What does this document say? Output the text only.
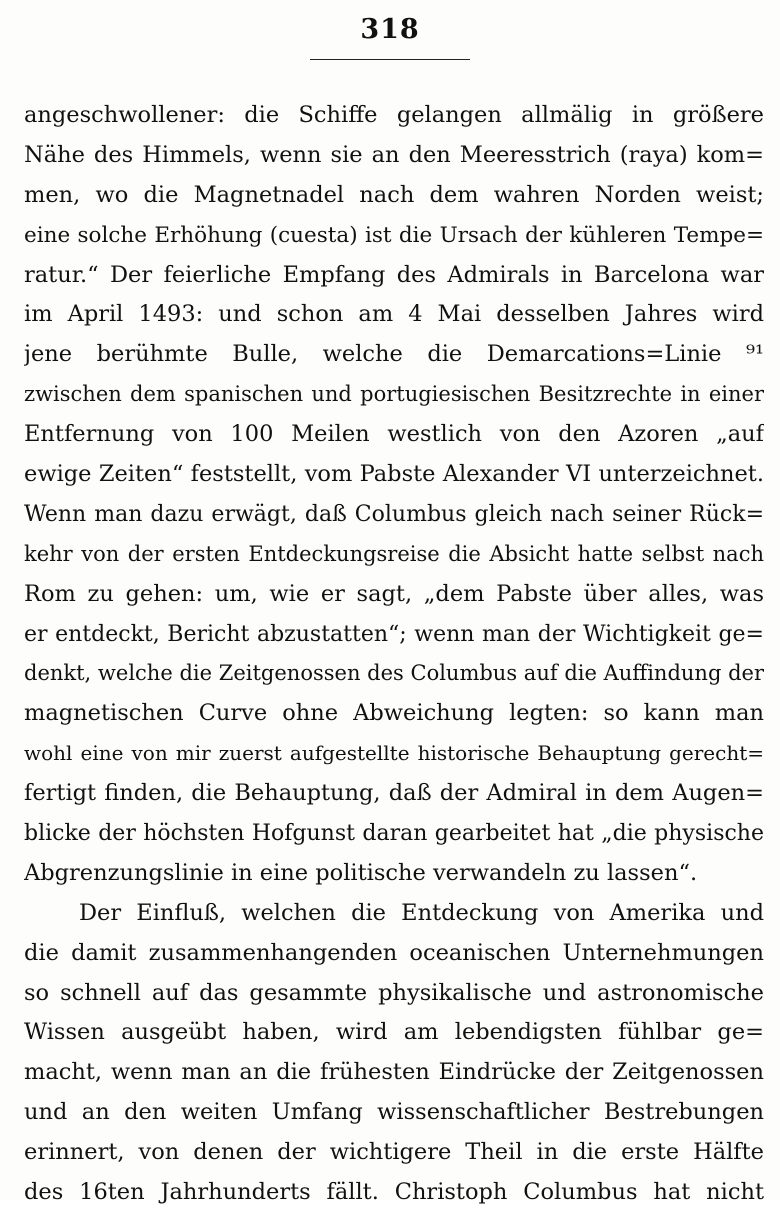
318
angeschwollener: die Schiffe gelangen allmälig in größere
Nähe des Himmels, wenn sie an den Meeresstrich (raya) kom=
men, wo die Magnetnadel nach dem wahren Norden weist;
eine solche Erhöhung (cuesta) ist die Ursach der kühleren Tempe=
ratur.“ Der feierliche Empfang des Admirals in Barcelona war
im April 1493: und schon am 4 Mai desselben Jahres wird
jene berühmte Bulle, welche die Demarcations=Linie ⁹¹
zwischen dem spanischen und portugiesischen Besitzrechte in einer
Entfernung von 100 Meilen westlich von den Azoren „auf
ewige Zeiten“ feststellt, vom Pabste Alexander VI unterzeichnet.
Wenn man dazu erwägt, daß Columbus gleich nach seiner Rück=
kehr von der ersten Entdeckungsreise die Absicht hatte selbst nach
Rom zu gehen: um, wie er sagt, „dem Pabste über alles, was
er entdeckt, Bericht abzustatten“; wenn man der Wichtigkeit ge=
denkt, welche die Zeitgenossen des Columbus auf die Auffindung der
magnetischen Curve ohne Abweichung legten: so kann man
wohl eine von mir zuerst aufgestellte historische Behauptung gerecht=
fertigt finden, die Behauptung, daß der Admiral in dem Augen=
blicke der höchsten Hofgunst daran gearbeitet hat „die physische
Abgrenzungslinie in eine politische verwandeln zu lassen“.
Der Einfluß, welchen die Entdeckung von Amerika und
die damit zusammenhangenden oceanischen Unternehmungen
so schnell auf das gesammte physikalische und astronomische
Wissen ausgeübt haben, wird am lebendigsten fühlbar ge=
macht, wenn man an die frühesten Eindrücke der Zeitgenossen
und an den weiten Umfang wissenschaftlicher Bestrebungen
erinnert, von denen der wichtigere Theil in die erste Hälfte
des 16ten Jahrhunderts fällt. Christoph Columbus hat nicht
